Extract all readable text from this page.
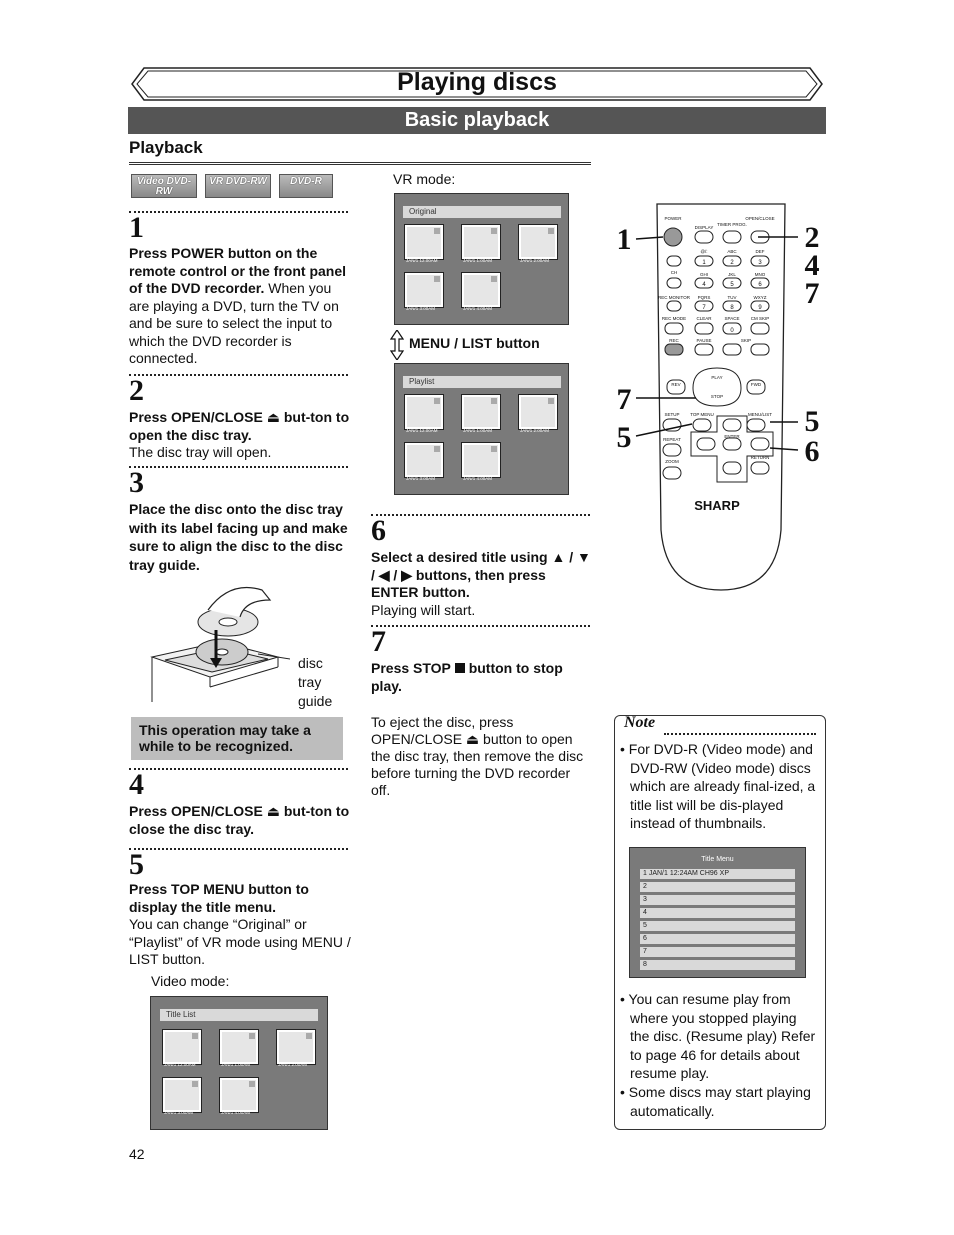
Playing discs
Basic playback
Playback
Video DVD-RW
VR DVD-RW	DVD-R
1
Press POWER button on the remote control or the front panel of the DVD recorder. When you are playing a DVD, turn the TV on and be sure to select the input to which the DVD recorder is connected.
2
Press OPEN/CLOSE ⏏ but-ton to open the disc tray.
The disc tray will open.
3
Place the disc onto the disc tray with its label facing up and make sure to align the disc to the disc tray guide.
disc
tray
guide
This operation may take a while to be recognized.
4
Press OPEN/CLOSE ⏏ but-ton to close the disc tray.
5
Press TOP MENU button to display the title menu.
You can change “Original” or “Playlist” of VR mode using MENU / LIST button.
Video mode:
Title List
JAN/1 12:00AM	JAN/1 1:00AM	JAN/1 2:00AM
JAN/1 3:00AM	JAN/1 4:00AM
42
VR mode:
Original
JAN/1 12:00AM	JAN/1 1:00AM	JAN/1 2:00AM
JAN/1 3:00AM	JAN/1 4:00AM
MENU / LIST button
Playlist
JAN/1 12:00AM	JAN/1 1:00AM	JAN/1 2:00AM
JAN/1 3:00AM	JAN/1 4:00AM
6
Select a desired title using ▲ / ▼ / ◀ / ▶ buttons, then press ENTER button.
Playing will start.
7
Press STOP button to stop play.
To eject the disc, press OPEN/CLOSE ⏏ button to open the disc tray, then remove the disc before turning the DVD recorder off.
POWER
DISPLAY
TIMER PROG.
OPEN/CLOSE
@/:	ABC	DEF
CH	GHI	JKL	MNO
REC MONITOR PQRS	TUV	WXYZ
REC MODE CLEAR	SPACE	CM SKIP
REC	PAUSE	SKIP
PLAY
REV	FWD
STOP
SETUP TOP MENU	MENU/LIST
REPEAT
ENTER
ZOOM
RETURN
1	2	3
4	5	6
7	8	9
0
SHARP
1
7
5
2
4
7
5
6
Note
• For DVD-R (Video mode) and DVD-RW (Video mode) discs which are already final-ized, a title list will be dis-played instead of thumbnails.
Title Menu
1 JAN/1 12:24AM CH96 XP
2
3
4
5
6
7
8
• You can resume play from where you stopped playing the disc. (Resume play) Refer to page 46 for details about resume play.
• Some discs may start playing automatically.
